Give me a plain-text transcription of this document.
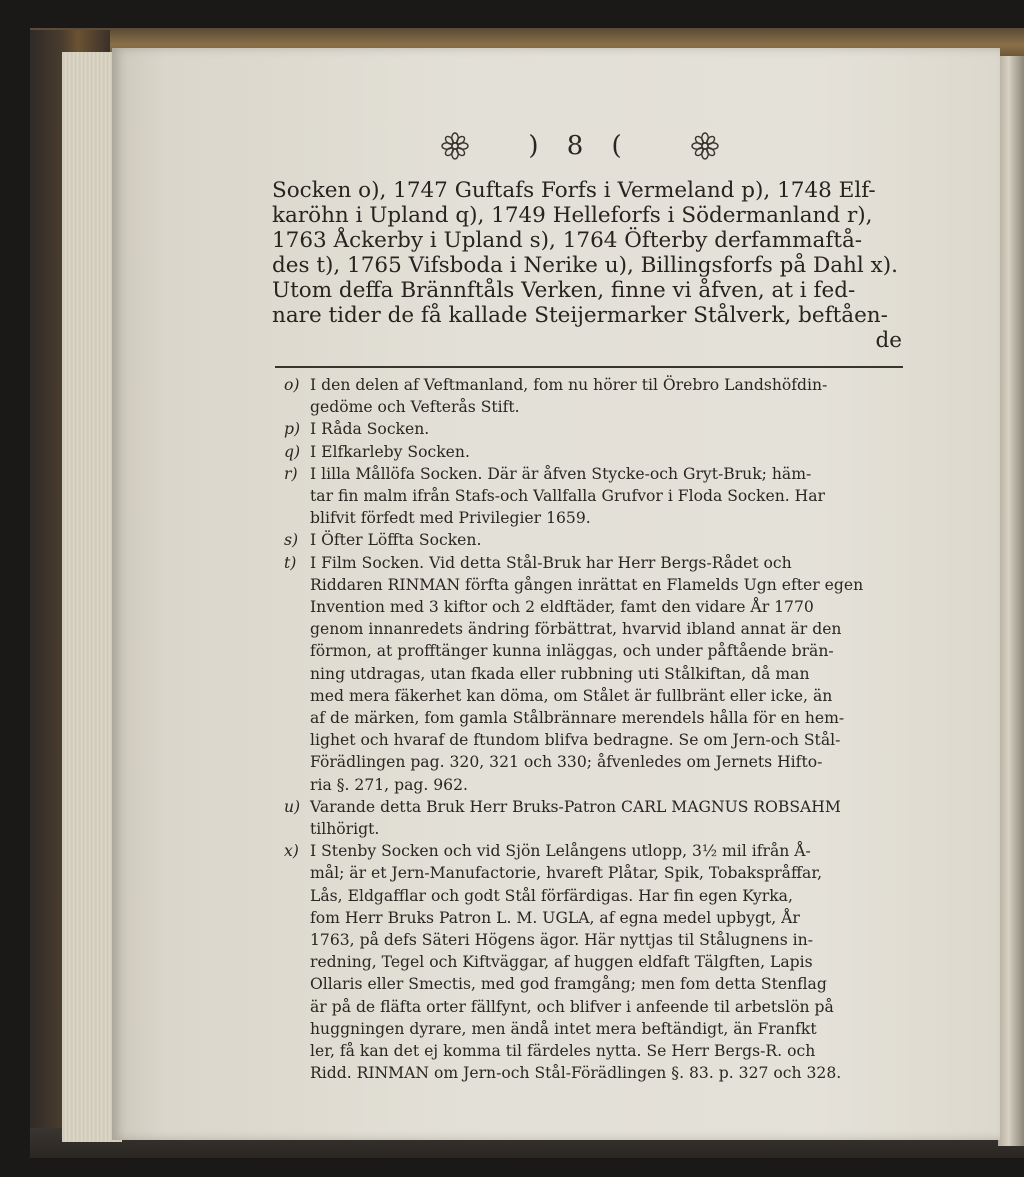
) 8 (
Socken o), 1747 Guftafs Forfs i Vermeland p), 1748 Elf-
karöhn i Upland q), 1749 Helleforfs i Södermanland r),
1763 Åckerby i Upland s), 1764 Öfterby derfammaftå-
des t), 1765 Vifsboda i Nerike u), Billingsforfs på Dahl x).
Utom deffa Brännftåls Verken, finne vi åfven, at i fed-
nare tider de få kallade Steijermarker Stålverk, beftåen-
de
o) I den delen af Veftmanland, fom nu hörer til Örebro Landshöfdin-
gedöme och Vefterås Stift.
p) I Råda Socken.
q) I Elfkarleby Socken.
r) I lilla Mållöfa Socken. Där är åfven Stycke-och Gryt-Bruk; häm-
tar fin malm ifrån Stafs-och Vallfalla Grufvor i Floda Socken. Har
blifvit förfedt med Privilegier 1659.
s) I Öfter Löffta Socken.
t) I Film Socken. Vid detta Stål-Bruk har Herr Bergs-Rådet och
Riddaren RINMAN förfta gången inrättat en Flamelds Ugn efter egen
Invention med 3 kiftor och 2 eldftäder, famt den vidare År 1770
genom innanredets ändring förbättrat, hvarvid ibland annat är den
förmon, at profftänger kunna inläggas, och under påftående brän-
ning utdragas, utan fkada eller rubbning uti Stålkiftan, då man
med mera fäkerhet kan döma, om Stålet är fullbränt eller icke, än
af de märken, fom gamla Stålbrännare merendels hålla för en hem-
lighet och hvaraf de ftundom blifva bedragne. Se om Jern-och Stål-
Förädlingen pag. 320, 321 och 330; åfvenledes om Jernets Hifto-
ria §. 271, pag. 962.
u) Varande detta Bruk Herr Bruks-Patron CARL MAGNUS ROBSAHM
tilhörigt.
x) I Stenby Socken och vid Sjön Lelångens utlopp, 3½ mil ifrån Å-
mål; är et Jern-Manufactorie, hvareft Plåtar, Spik, Tobakspråffar,
Lås, Eldgafflar och godt Stål förfärdigas. Har fin egen Kyrka,
fom Herr Bruks Patron L. M. UGLA, af egna medel upbygt, År
1763, på defs Säteri Högens ägor. Här nyttjas til Stålugnens in-
redning, Tegel och Kiftväggar, af huggen eldfaft Tälgften, Lapis
Ollaris eller Smectis, med god framgång; men fom detta Stenflag
är på de fläfta orter fällfynt, och blifver i anfeende til arbetslön på
huggningen dyrare, men ändå intet mera beftändigt, än Franfkt
ler, få kan det ej komma til färdeles nytta. Se Herr Bergs-R. och
Ridd. RINMAN om Jern-och Stål-Förädlingen §. 83. p. 327 och 328.
